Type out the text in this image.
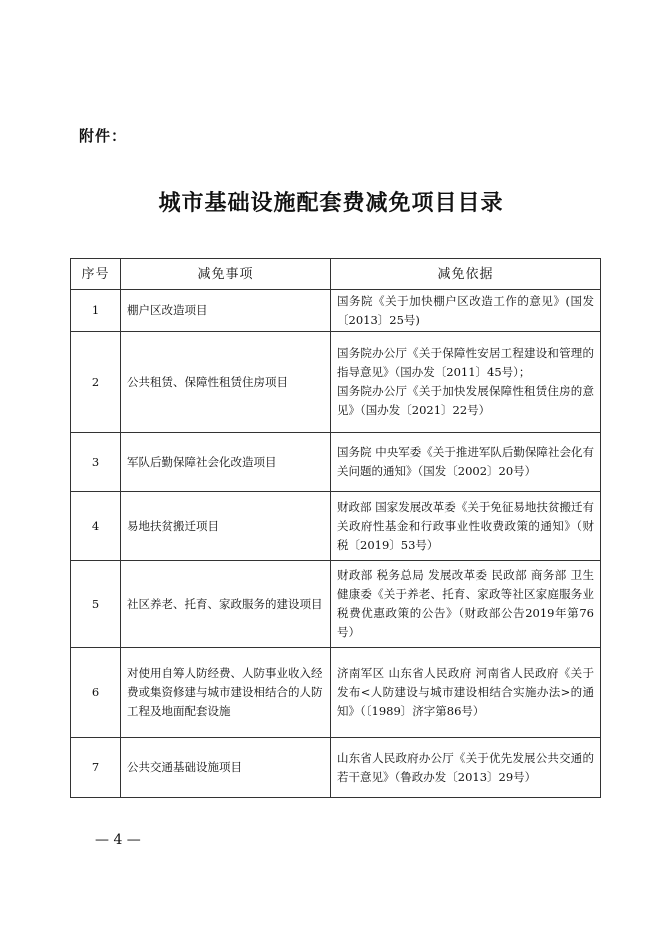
附件：
城市基础设施配套费减免项目目录
序号	减免事项	减免依据
1	棚户区改造项目	国务院《关于加快棚户区改造工作的意见》(国发〔2013〕25号)

2	公共租赁、保障性租赁住房项目	国务院办公厅《关于保障性安居工程建设和管理的指导意见》（国办发〔2011〕45号）；
国务院办公厅《关于加快发展保障性租赁住房的意见》（国办发〔2021〕22号）

3	军队后勤保障社会化改造项目	国务院 中央军委《关于推进军队后勤保障社会化有关问题的通知》（国发〔2002〕20号）

4	易地扶贫搬迁项目	财政部 国家发展改革委《关于免征易地扶贫搬迁有关政府性基金和行政事业性收费政策的通知》（财税〔2019〕53号）

5	社区养老、托育、家政服务的建设项目	财政部 税务总局 发展改革委 民政部 商务部 卫生健康委《关于养老、托育、家政等社区家庭服务业税费优惠政策的公告》（财政部公告2019年第76号）

6	对使用自筹人防经费、人防事业收入经费或集资修建与城市建设相结合的人防工程及地面配套设施	济南军区 山东省人民政府 河南省人民政府《关于发布<人防建设与城市建设相结合实施办法>的通知》（〔1989〕济字第86号）

7	公共交通基础设施项目	山东省人民政府办公厅《关于优先发展公共交通的若干意见》（鲁政办发〔2013〕29号）
— 4 —
